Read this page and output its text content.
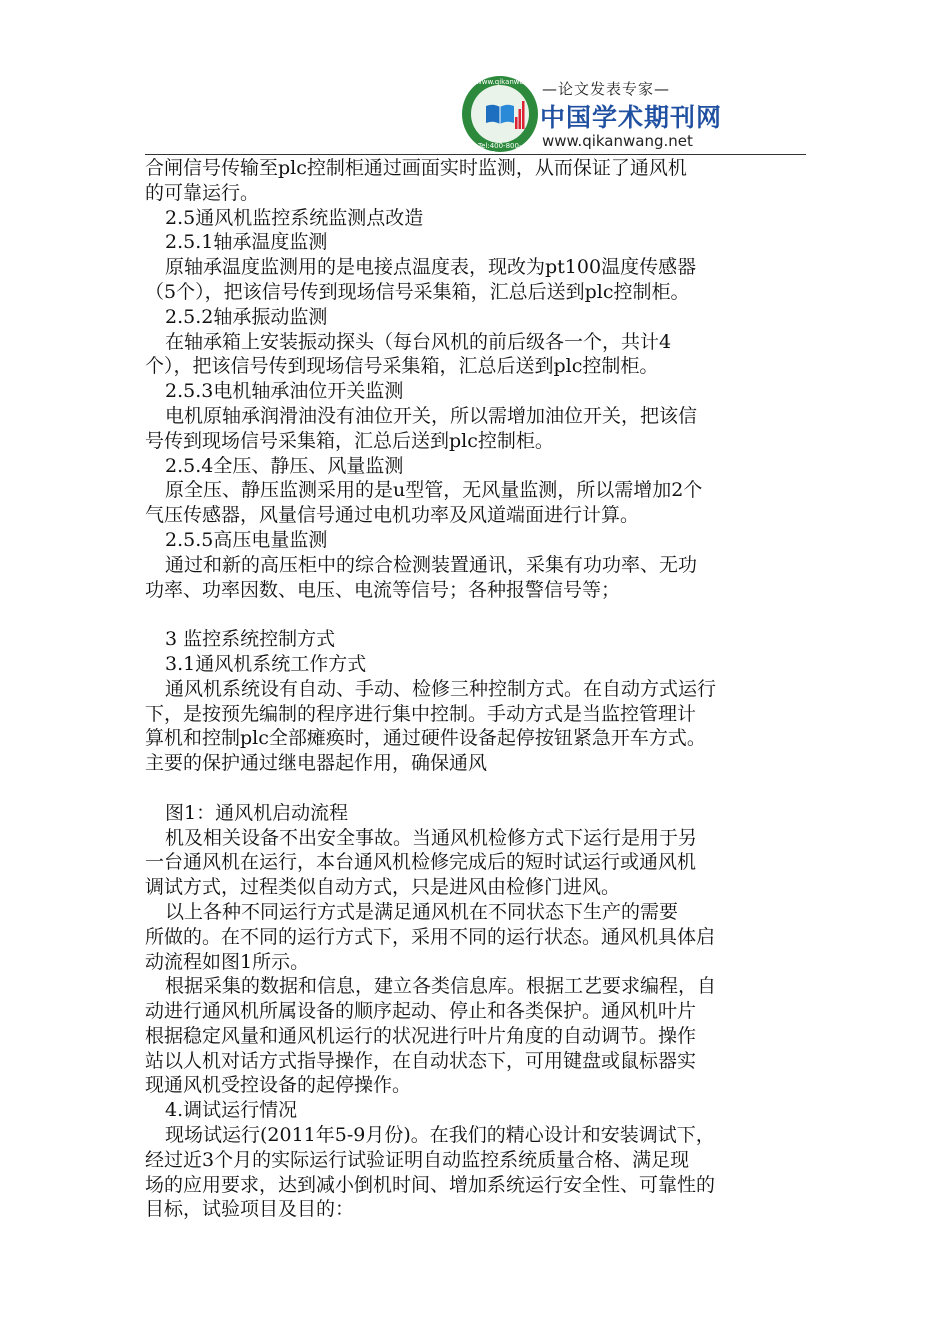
www.qikanwang.net
Tel:400-800-1552
—论文发表专家—
中国学术期刊网
www.qikanwang.net
合闸信号传输至plc控制柜通过画面实时监测，从而保证了通风机
的可靠运行。
2.5通风机监控系统监测点改造
2.5.1轴承温度监测
原轴承温度监测用的是电接点温度表，现改为pt100温度传感器
（5个），把该信号传到现场信号采集箱，汇总后送到plc控制柜。
2.5.2轴承振动监测
在轴承箱上安装振动探头（每台风机的前后级各一个，共计4
个），把该信号传到现场信号采集箱，汇总后送到plc控制柜。
2.5.3电机轴承油位开关监测
电机原轴承润滑油没有油位开关，所以需增加油位开关，把该信
号传到现场信号采集箱，汇总后送到plc控制柜。
2.5.4全压、静压、风量监测
原全压、静压监测采用的是u型管，无风量监测，所以需增加2个
气压传感器，风量信号通过电机功率及风道端面进行计算。
2.5.5高压电量监测
通过和新的高压柜中的综合检测装置通讯，采集有功功率、无功
功率、功率因数、电压、电流等信号；各种报警信号等；
3 监控系统控制方式
3.1通风机系统工作方式
通风机系统设有自动、手动、检修三种控制方式。在自动方式运行
下，是按预先编制的程序进行集中控制。手动方式是当监控管理计
算机和控制plc全部瘫痪时，通过硬件设备起停按钮紧急开车方式。
主要的保护通过继电器起作用，确保通风
图1：通风机启动流程
机及相关设备不出安全事故。当通风机检修方式下运行是用于另
一台通风机在运行，本台通风机检修完成后的短时试运行或通风机
调试方式，过程类似自动方式，只是进风由检修门进风。
以上各种不同运行方式是满足通风机在不同状态下生产的需要
所做的。在不同的运行方式下，采用不同的运行状态。通风机具体启
动流程如图1所示。
根据采集的数据和信息，建立各类信息库。根据工艺要求编程，自
动进行通风机所属设备的顺序起动、停止和各类保护。通风机叶片
根据稳定风量和通风机运行的状况进行叶片角度的自动调节。操作
站以人机对话方式指导操作，在自动状态下，可用键盘或鼠标器实
现通风机受控设备的起停操作。
4.调试运行情况
现场试运行(2011年5-9月份)。在我们的精心设计和安装调试下，
经过近3个月的实际运行试验证明自动监控系统质量合格、满足现
场的应用要求，达到减小倒机时间、增加系统运行安全性、可靠性的
目标，试验项目及目的：
